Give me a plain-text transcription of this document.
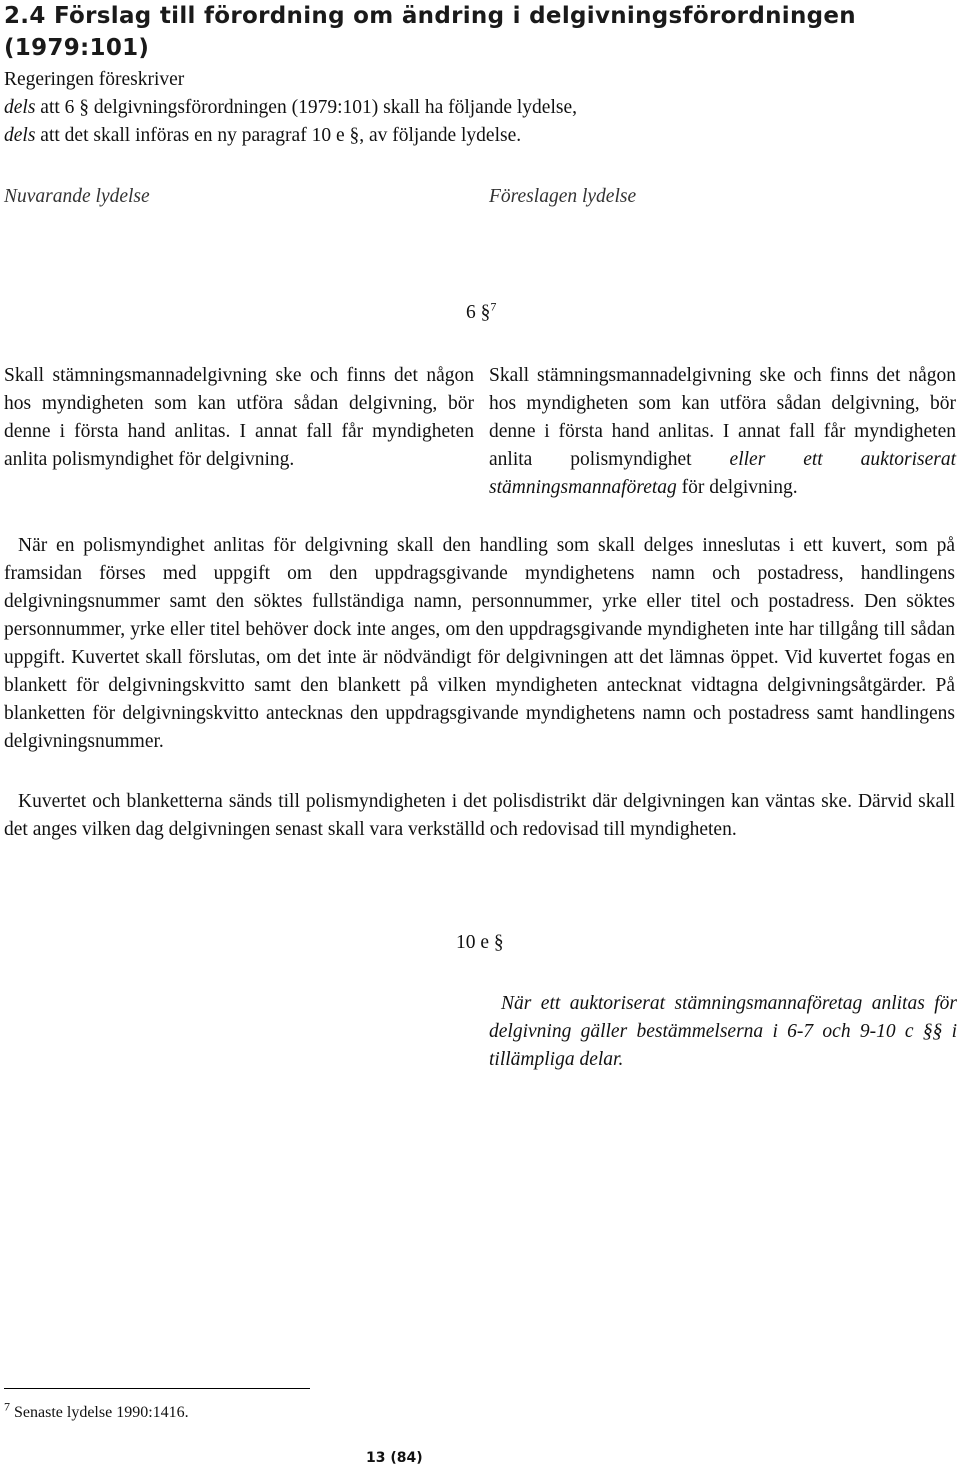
2.4 Förslag till förordning om ändring i delgivningsförordningen
(1979:101)
Regeringen föreskriver
dels att 6 § delgivningsförordningen (1979:101) skall ha följande lydelse,
dels att det skall införas en ny paragraf 10 e §, av följande lydelse.
Nuvarande lydelse	Föreslagen lydelse
6 §$^7$
Skall stämningsmannadelgivning ske och finns det någon hos myndigheten som kan utföra sådan delgivning, bör denne i första hand anlitas. I annat fall får myndigheten anlita polismyndighet för delgivning.
Skall stämningsmannadelgivning ske och finns det någon hos myndigheten som kan utföra sådan delgivning, bör denne i första hand anlitas. I annat fall får myndigheten anlita polismyndighet eller ett auktoriserat stämningsmannaföretag för delgivning.
När en polismyndighet anlitas för delgivning skall den handling som skall delges inneslutas i ett kuvert, som på framsidan förses med uppgift om den uppdragsgivande myndighetens namn och postadress, handlingens delgivningsnummer samt den söktes fullständiga namn, personnummer, yrke eller titel och postadress. Den söktes personnummer, yrke eller titel behöver dock inte anges, om den uppdragsgivande myndigheten inte har tillgång till sådan uppgift. Kuvertet skall förslutas, om det inte är nödvändigt för delgivningen att det lämnas öppet. Vid kuvertet fogas en blankett för delgivningskvitto samt den blankett på vilken myndigheten antecknat vidtagna delgivningsåtgärder. På blanketten för delgivningskvitto antecknas den uppdragsgivande myndighetens namn och postadress samt handlingens delgivningsnummer.
Kuvertet och blanketterna sänds till polismyndigheten i det polisdistrikt där delgivningen kan väntas ske. Därvid skall det anges vilken dag delgivningen senast skall vara verkställd och redovisad till myndigheten.
10 e §
När ett auktoriserat stämningsmannaföretag anlitas för delgivning gäller bestämmelserna i 6-7 och 9-10 c §§ i tillämpliga delar.
$^7$ Senaste lydelse 1990:1416.
13 (84)
